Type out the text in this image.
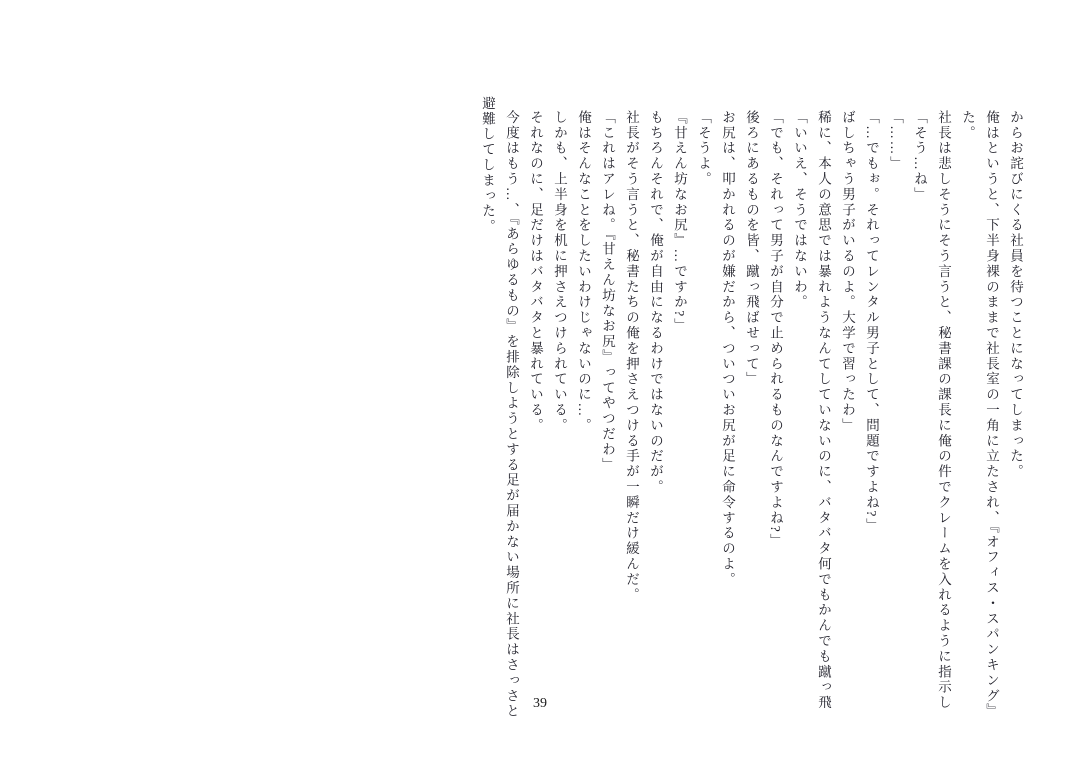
避難してしまった。 今度はもう…、『あらゆるもの』を排除しようとする足が届かない場所に社長はさっさと それなのに、足だけはバタバタと暴れている。 しかも、上半身を机に押さえつけられている。 俺はそんなことをしたいわけじゃないのに…。 「これはアレね。『甘えん坊なお尻』ってやつだわ」 社長がそう言うと、秘書たちの俺を押さえつける手が一瞬だけ緩んだ。 もちろんそれで、俺が自由になるわけではないのだが。 『甘えん坊なお尻』…ですか?」 「そうよ。 お尻は、叩かれるのが嫌だから、ついついお尻が足に命令するのよ。 後ろにあるものを皆、蹴っ飛ばせって」 「でも、それって男子が自分で止められるものなんですよね?」 「いいえ、そうではないわ。 稀に、本人の意思では暴れようなんてしていないのに、バタバタ何でもかんでも蹴っ飛 ばしちゃう男子がいるのよ。大学で習ったわ」 「…でもぉ。それってレンタル男子として、問題ですよね?」 「……」 「そう…ね」 社長は悲しそうにそう言うと、秘書課の課長に俺の件でクレームを入れるように指示し た。 俺はというと、下半身裸のままで社長室の一角に立たされ、『オフィス・スパンキング』 からお詫びにくる社員を待つことになってしまった。
39
